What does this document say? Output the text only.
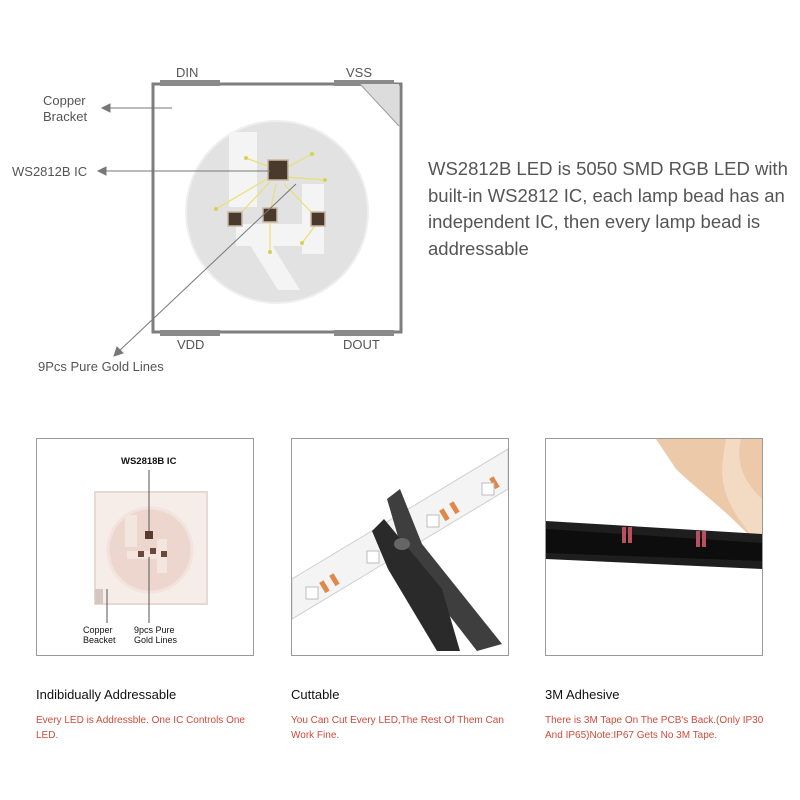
DIN	VSS
VDD	DOUT
Copper
Bracket
WS2812B IC
9Pcs Pure Gold Lines
WS2812B LED is 5050 SMD RGB LED with built-in WS2812 IC, each lamp bead has an independent IC, then every lamp bead is addressable
WS2818B IC
Copper
Beacket
9pcs Pure
Gold Lines
Indibidually Addressable
Every LED is Addressble. One IC Controls One LED.
Cuttable
You Can Cut Every LED,The Rest Of Them Can Work Fine.
3M Adhesive
There is 3M Tape On The PCB's Back.(Only IP30 And IP65)Note:IP67 Gets No 3M Tape.
